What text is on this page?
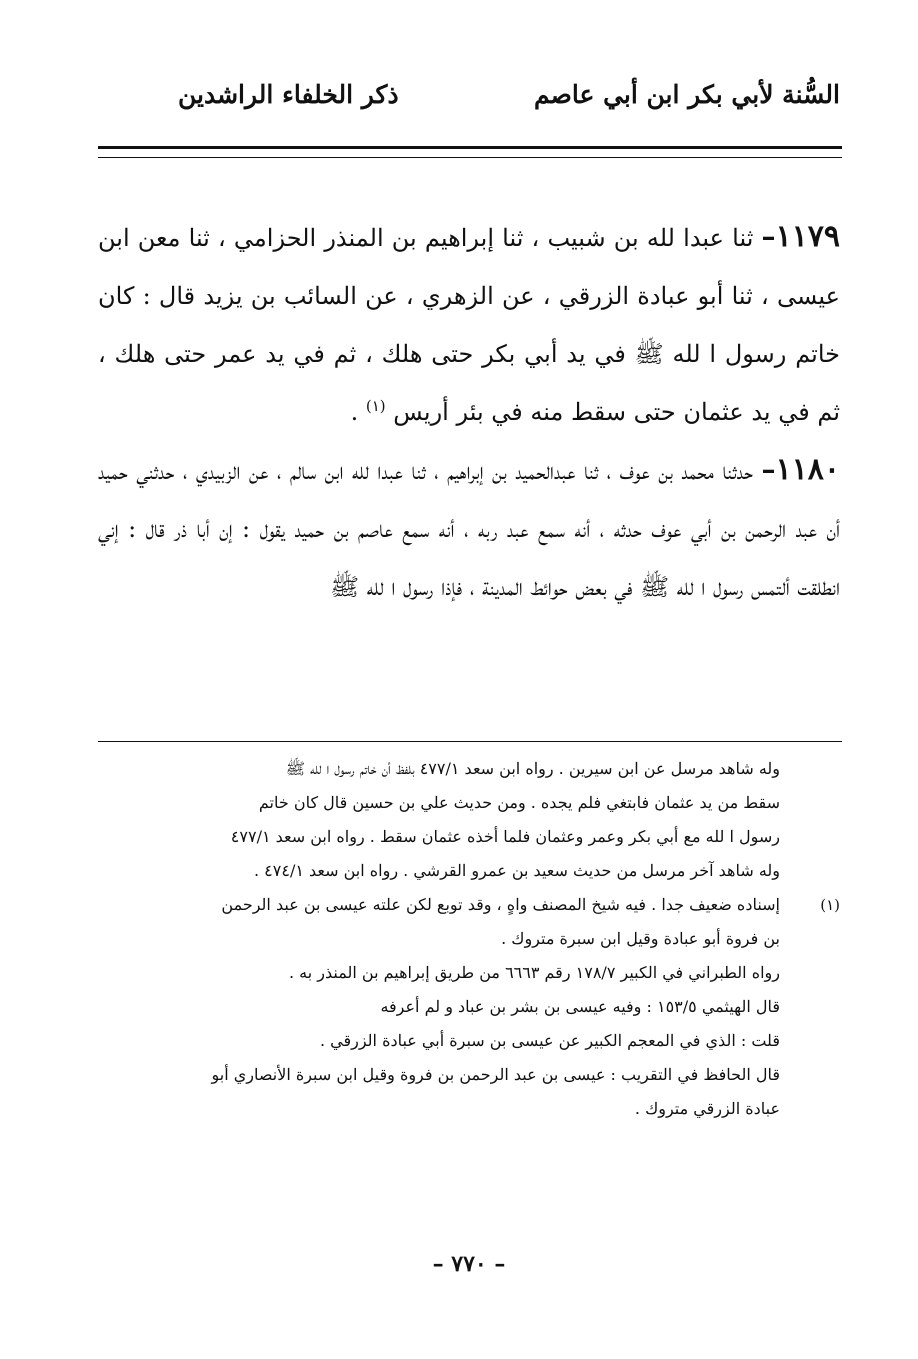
السُّنة لأبي بكر ابن أبي عاصم
ذكر الخلفاء الراشدين

١١٧٩– ثنا عبدا لله بن شبيب ، ثنا إبراهيم بن المنذر الحزامي ، ثنا معن ابن عيسى ، ثنا أبو عبادة الزرقي ، عن الزهري ، عن السائب بن يزيد قال : كان خاتم رسول ا لله ﷺ في يد أبي بكر حتى هلك ، ثم في يد عمر حتى هلك ، ثم في يد عثمان حتى سقط منه في بئر أريس $^{(١)}$ .

١١٨٠– حدثنا محمد بن عوف ، ثنا عبدالحميد بن إبراهيم ، ثنا عبدا لله ابن سالم ، عن الزبيدي ، حدثني حميد أن عبد الرحمن بن أبي عوف حدثه ، أنه سمع عبد ربه ، أنه سمع عاصم بن حميد يقول : إن أبا ذر قال : إني انطلقت ألتمس رسول ا لله ﷺ في بعض حوائط المدينة ، فإذا رسول ا لله ﷺ

وله شاهد مرسل عن ابن سيرين . رواه ابن سعد ٤٧٧/١ بلفظ أن خاتم رسول ا لله ﷺ

سقط من يد عثمان فابتغي فلم يجده . ومن حديث علي بن حسين قال كان خاتم

رسول ا لله مع أبي بكر وعمر وعثمان فلما أخذه عثمان سقط . رواه ابن سعد ٤٧٧/١

وله شاهد آخر مرسل من حديث سعيد بن عمرو القرشي . رواه ابن سعد ٤٧٤/١ .

(١)

إسناده ضعيف جدا . فيه شيخ المصنف واهٍ ، وقد توبع لكن علته عيسى بن عبد الرحمن

بن فروة أبو عبادة وقيل ابن سبرة متروك .

رواه الطبراني في الكبير ١٧٨/٧ رقم ٦٦٦٣ من طريق إبراهيم بن المنذر به .

قال الهيثمي ١٥٣/٥ : وفيه عيسى بن بشر بن عباد و لم أعرفه

قلت : الذي في المعجم الكبير عن عيسى بن سبرة أبي عبادة الزرقي .

قال الحافظ في التقريب : عيسى بن عبد الرحمن بن فروة وقيل ابن سبرة الأنصاري أبو

عبادة الزرقي متروك .

– ٧٧٠ –
